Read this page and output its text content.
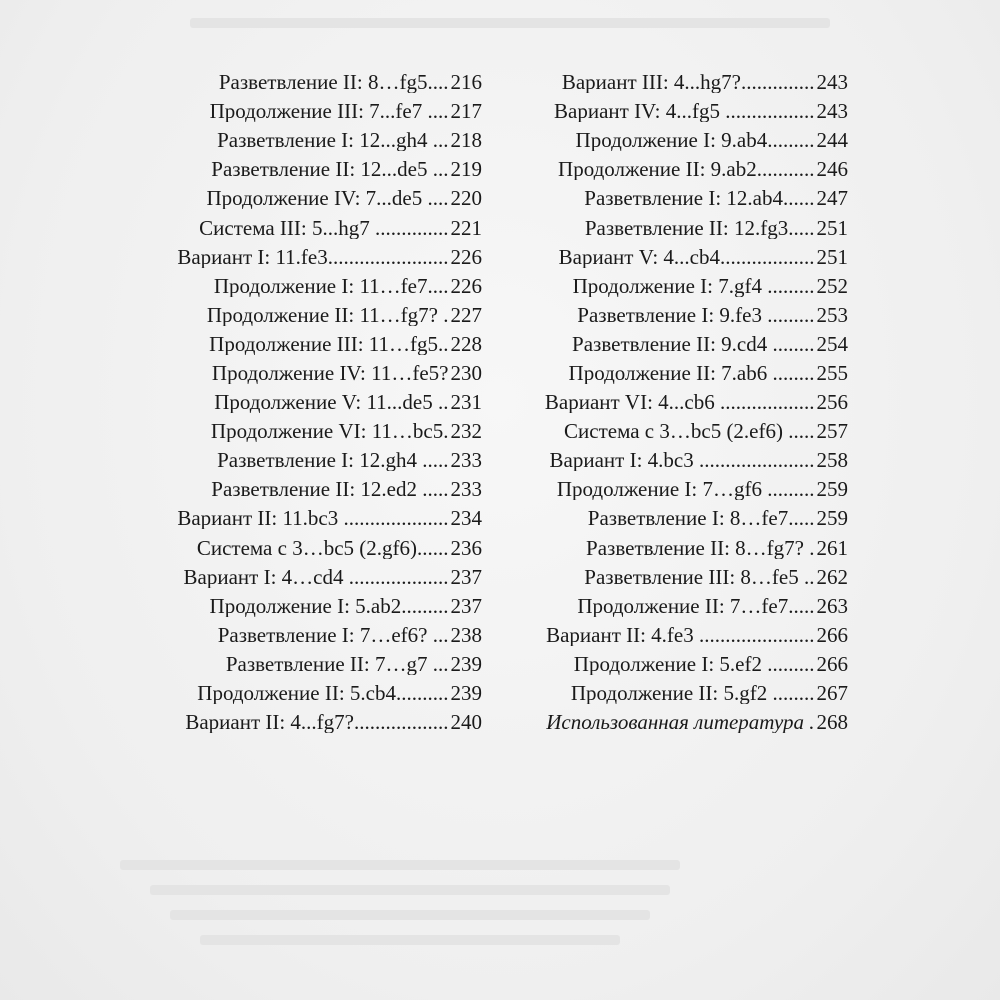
Разветвление II: 8…fg5.... 216
Продолжение III: 7...fe7 .... 217
Разветвление I: 12...gh4 ... 218
Разветвление II: 12...de5 ... 219
Продолжение IV: 7...de5 .... 220
Система III: 5...hg7 .............. 221
Вариант I: 11.fe3....................... 226
Продолжение I: 11…fe7.... 226
Продолжение II: 11…fg7? . 227
Продолжение III: 11…fg5.. 228
Продолжение IV: 11…fe5? 230
Продолжение V: 11...de5 .. 231
Продолжение VI: 11…bc5. 232
Разветвление I: 12.gh4 ..... 233
Разветвление II: 12.ed2 ..... 233
Вариант II: 11.bc3 .................... 234
Система с 3…bc5 (2.gf6)...... 236
Вариант I: 4…cd4 ................... 237
Продолжение I: 5.ab2......... 237
Разветвление I: 7…ef6? ... 238
Разветвление II: 7…g7 ... 239
Продолжение II: 5.cb4.......... 239
Вариант II: 4...fg7?.................. 240
Вариант III: 4...hg7?.............. 243
Вариант IV: 4...fg5 ................. 243
Продолжение I: 9.ab4......... 244
Продолжение II: 9.ab2........... 246
Разветвление I: 12.ab4...... 247
Разветвление II: 12.fg3..... 251
Вариант V: 4...cb4.................. 251
Продолжение I: 7.gf4 ......... 252
Разветвление I: 9.fe3 ......... 253
Разветвление II: 9.cd4 ........ 254
Продолжение II: 7.ab6 ........ 255
Вариант VI: 4...cb6 .................. 256
Система с 3…bc5 (2.ef6) ..... 257
Вариант I: 4.bc3 ...................... 258
Продолжение I: 7…gf6 ......... 259
Разветвление I: 8…fe7..... 259
Разветвление II: 8…fg7? . 261
Разветвление III: 8…fe5 .. 262
Продолжение II: 7…fe7..... 263
Вариант II: 4.fe3 ...................... 266
Продолжение I: 5.ef2 ......... 266
Продолжение II: 5.gf2 ........ 267
Использованная литература . 268
